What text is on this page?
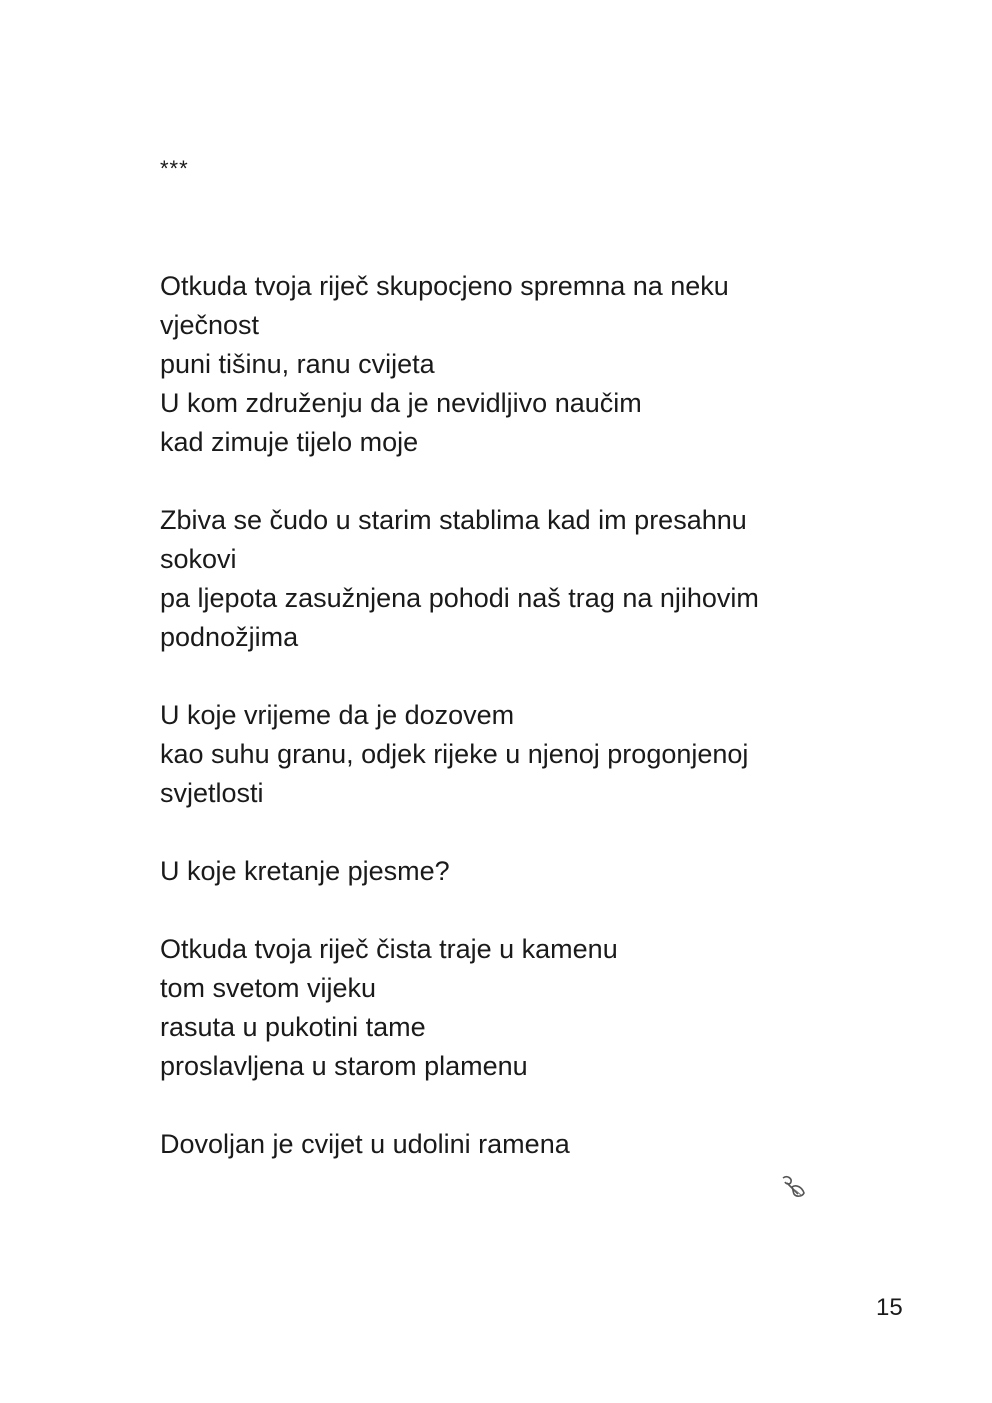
***
Otkuda tvoja riječ skupocjeno spremna na neku
vječnost
puni tišinu, ranu cvijeta
U kom združenju da je nevidljivo naučim
kad zimuje tijelo moje
Zbiva se čudo u starim stablima kad im presahnu
sokovi
pa ljepota zasužnjena pohodi naš trag na njihovim
podnožjima
U koje vrijeme da je dozovem
kao suhu granu, odjek rijeke u njenoj progonjenoj
svjetlosti
U koje kretanje pjesme?
Otkuda tvoja riječ čista traje u kamenu
tom svetom vijeku
rasuta u pukotini tame
proslavljena u starom plamenu
Dovoljan je cvijet u udolini ramena
15
